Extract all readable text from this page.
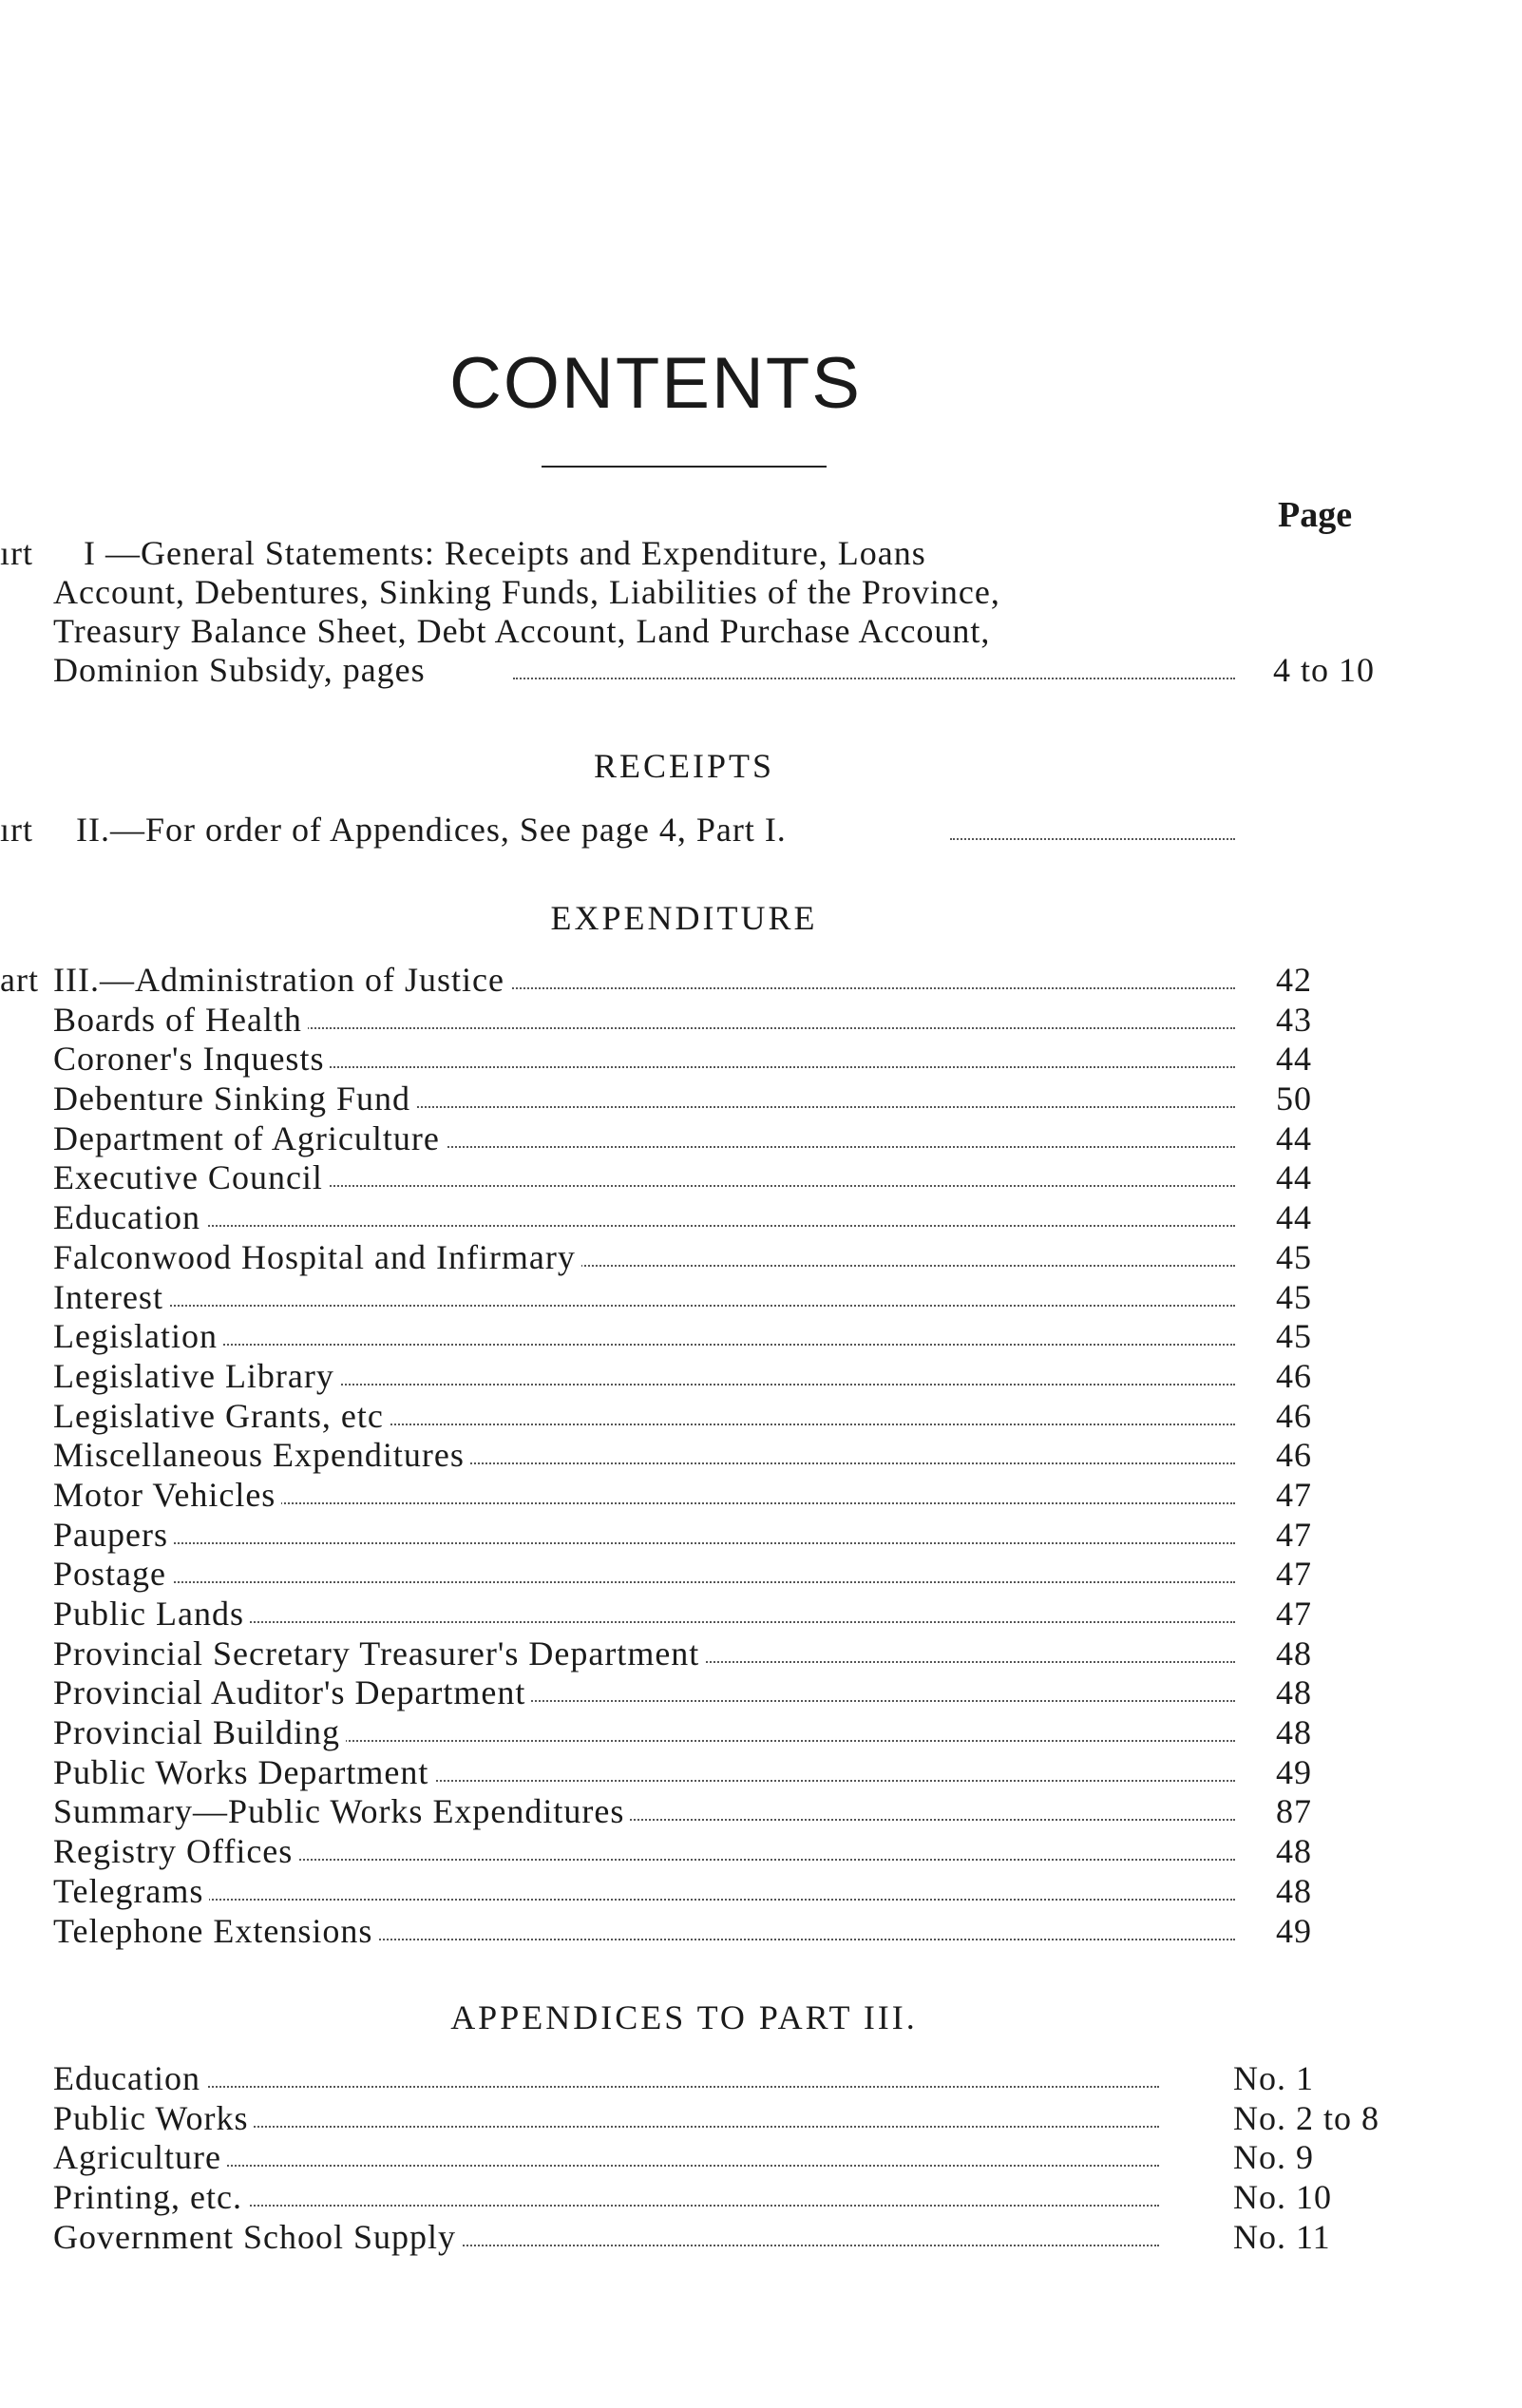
CONTENTS
Page
ırt I —General Statements: Receipts and Expenditure, Loans
Account, Debentures, Sinking Funds, Liabilities of the Province,
Treasury Balance Sheet, Debt Account, Land Purchase Account,
Dominion Subsidy, pages	4 to 10
RECEIPTS
ırt II.—For order of Appendices, See page 4, Part I.
EXPENDITURE
art III.—Administration of Justice	42
Boards of Health	43
Coroner's Inquests	44
Debenture Sinking Fund	50
Department of Agriculture	44
Executive Council	44
Education	44
Falconwood Hospital and Infirmary	45
Interest	45
Legislation	45
Legislative Library	46
Legislative Grants, etc	46
Miscellaneous Expenditures	46
Motor Vehicles	47
Paupers	47
Postage	47
Public Lands	47
Provincial Secretary Treasurer's Department	48
Provincial Auditor's Department	48
Provincial Building	48
Public Works Department	49
Summary—Public Works Expenditures	87
Registry Offices	48
Telegrams	48
Telephone Extensions	49
APPENDICES TO PART III.
Education	No. 1
Public Works	No. 2 to 8
Agriculture	No. 9
Printing, etc.	No. 10
Government School Supply	No. 11
